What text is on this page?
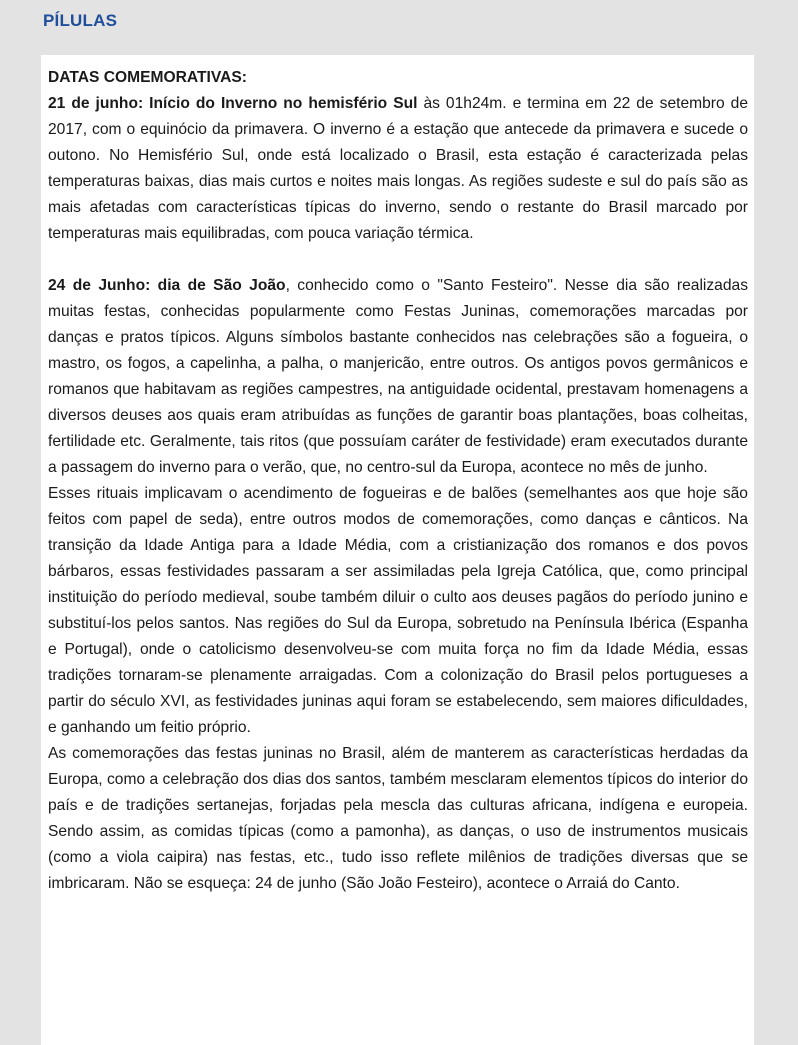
PÍLULAS

DATAS COMEMORATIVAS:

21 de junho: Início do Inverno no hemisfério Sul às 01h24m. e termina em 22 de setembro de 2017, com o equinócio da primavera. O inverno é a estação que antecede da primavera e sucede o outono. No Hemisfério Sul, onde está localizado o Brasil, esta estação é caracterizada pelas temperaturas baixas, dias mais curtos e noites mais longas. As regiões sudeste e sul do país são as mais afetadas com características típicas do inverno, sendo o restante do Brasil marcado por temperaturas mais equilibradas, com pouca variação térmica.

24 de Junho: dia de São João, conhecido como o "Santo Festeiro". Nesse dia são realizadas muitas festas, conhecidas popularmente como Festas Juninas, comemorações marcadas por danças e pratos típicos. Alguns símbolos bastante conhecidos nas celebrações são a fogueira, o mastro, os fogos, a capelinha, a palha, o manjericão, entre outros. Os antigos povos germânicos e romanos que habitavam as regiões campestres, na antiguidade ocidental, prestavam homenagens a diversos deuses aos quais eram atribuídas as funções de garantir boas plantações, boas colheitas, fertilidade etc. Geralmente, tais ritos (que possuíam caráter de festividade) eram executados durante a passagem do inverno para o verão, que, no centro-sul da Europa, acontece no mês de junho.

Esses rituais implicavam o acendimento de fogueiras e de balões (semelhantes aos que hoje são feitos com papel de seda), entre outros modos de comemorações, como danças e cânticos. Na transição da Idade Antiga para a Idade Média, com a cristianização dos romanos e dos povos bárbaros, essas festividades passaram a ser assimiladas pela Igreja Católica, que, como principal instituição do período medieval, soube também diluir o culto aos deuses pagãos do período junino e substituí-los pelos santos. Nas regiões do Sul da Europa, sobretudo na Península Ibérica (Espanha e Portugal), onde o catolicismo desenvolveu-se com muita força no fim da Idade Média, essas tradições tornaram-se plenamente arraigadas. Com a colonização do Brasil pelos portugueses a partir do século XVI, as festividades juninas aqui foram se estabelecendo, sem maiores dificuldades, e ganhando um feitio próprio.

As comemorações das festas juninas no Brasil, além de manterem as características herdadas da Europa, como a celebração dos dias dos santos, também mesclaram elementos típicos do interior do país e de tradições sertanejas, forjadas pela mescla das culturas africana, indígena e europeia. Sendo assim, as comidas típicas (como a pamonha), as danças, o uso de instrumentos musicais (como a viola caipira) nas festas, etc., tudo isso reflete milênios de tradições diversas que se imbricaram. Não se esqueça: 24 de junho (São João Festeiro), acontece o Arraiá do Canto.
